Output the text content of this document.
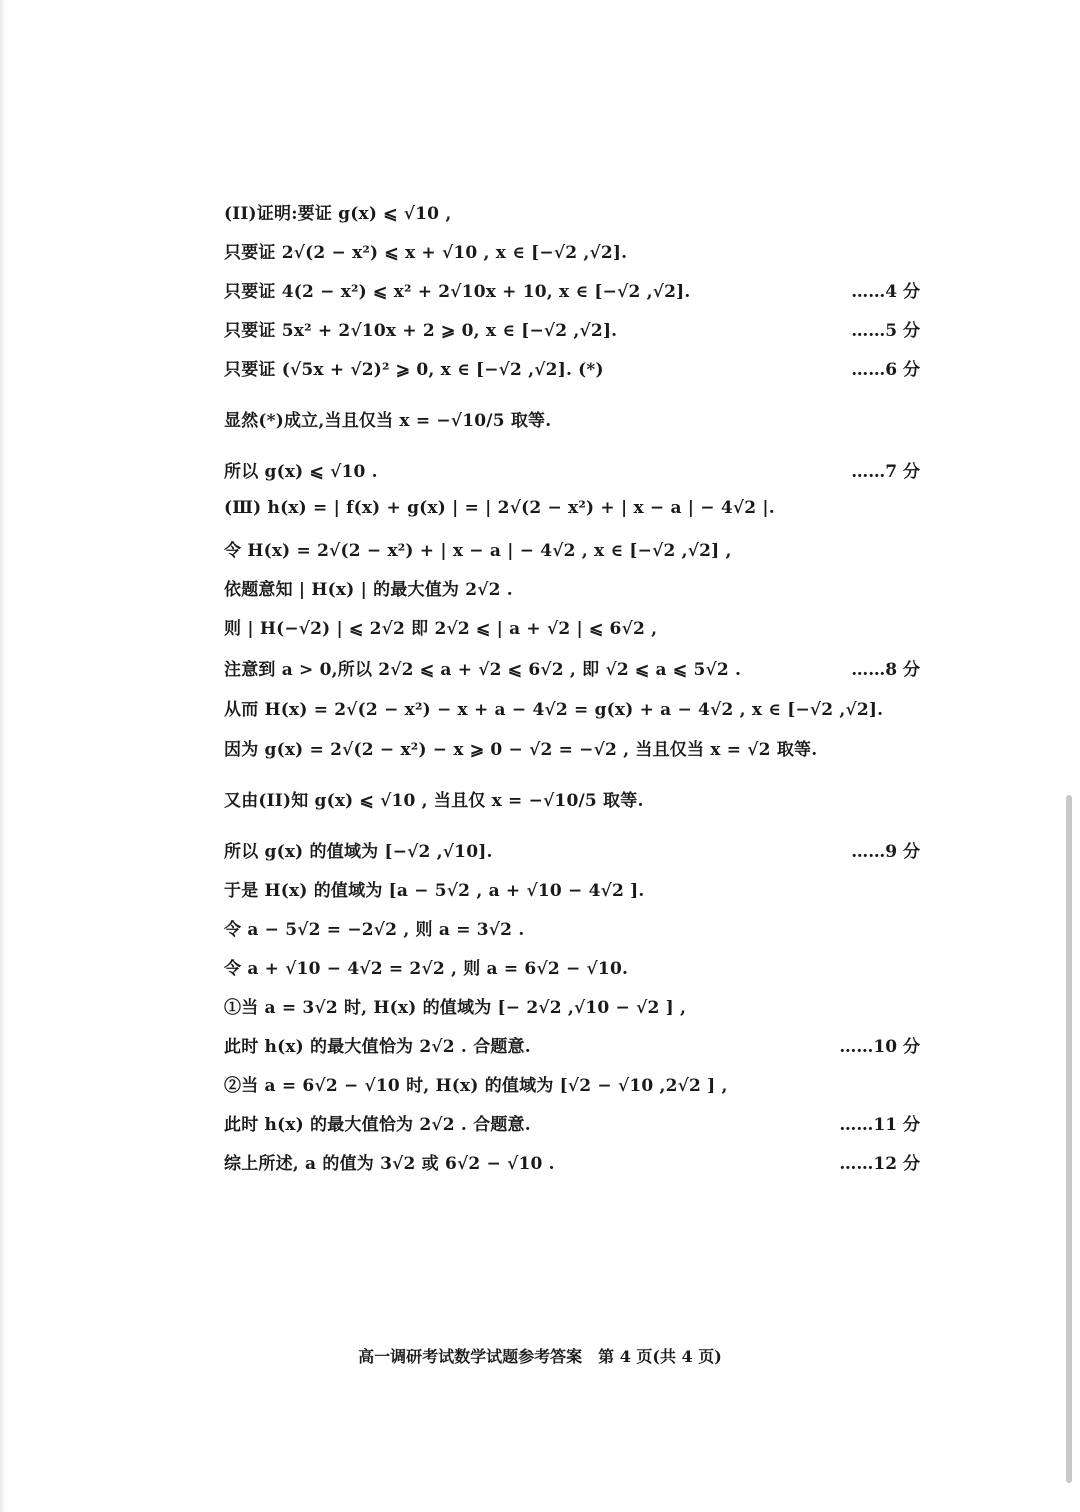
(II)证明:要证 g(x) ⩽ √10 ,
只要证 2√(2 − x²) ⩽ x + √10 , x ∈ [−√2 ,√2].
只要证 4(2 − x²) ⩽ x² + 2√10x + 10, x ∈ [−√2 ,√2].	……4 分
只要证 5x² + 2√10x + 2 ⩾ 0, x ∈ [−√2 ,√2].	……5 分
只要证 (√5x + √2)² ⩾ 0, x ∈ [−√2 ,√2]. (*)	……6 分
显然(*)成立,当且仅当 x = −√10/5 取等.
所以 g(x) ⩽ √10 .	……7 分
(Ⅲ) h(x) = | f(x) + g(x) | = | 2√(2 − x²) + | x − a | − 4√2 |.
令 H(x) = 2√(2 − x²) + | x − a | − 4√2 , x ∈ [−√2 ,√2] ,
依题意知 | H(x) | 的最大值为 2√2 .
则 | H(−√2) | ⩽ 2√2 即 2√2 ⩽ | a + √2 | ⩽ 6√2 ,
注意到 a > 0,所以 2√2 ⩽ a + √2 ⩽ 6√2 , 即 √2 ⩽ a ⩽ 5√2 .	……8 分
从而 H(x) = 2√(2 − x²) − x + a − 4√2 = g(x) + a − 4√2 , x ∈ [−√2 ,√2].
因为 g(x) = 2√(2 − x²) − x ⩾ 0 − √2 = −√2 , 当且仅当 x = √2 取等.
又由(II)知 g(x) ⩽ √10 , 当且仅 x = −√10/5 取等.
所以 g(x) 的值域为 [−√2 ,√10].	……9 分
于是 H(x) 的值域为 [a − 5√2 , a + √10 − 4√2 ].
令 a − 5√2 = −2√2 , 则 a = 3√2 .
令 a + √10 − 4√2 = 2√2 , 则 a = 6√2 − √10.
①当 a = 3√2 时, H(x) 的值域为 [− 2√2 ,√10 − √2 ] ,
此时 h(x) 的最大值恰为 2√2 . 合题意.	……10 分
②当 a = 6√2 − √10 时, H(x) 的值域为 [√2 − √10 ,2√2 ] ,
此时 h(x) 的最大值恰为 2√2 . 合题意.	……11 分
综上所述, a 的值为 3√2 或 6√2 − √10 .	……12 分
高一调研考试数学试题参考答案　第 4 页(共 4 页)
